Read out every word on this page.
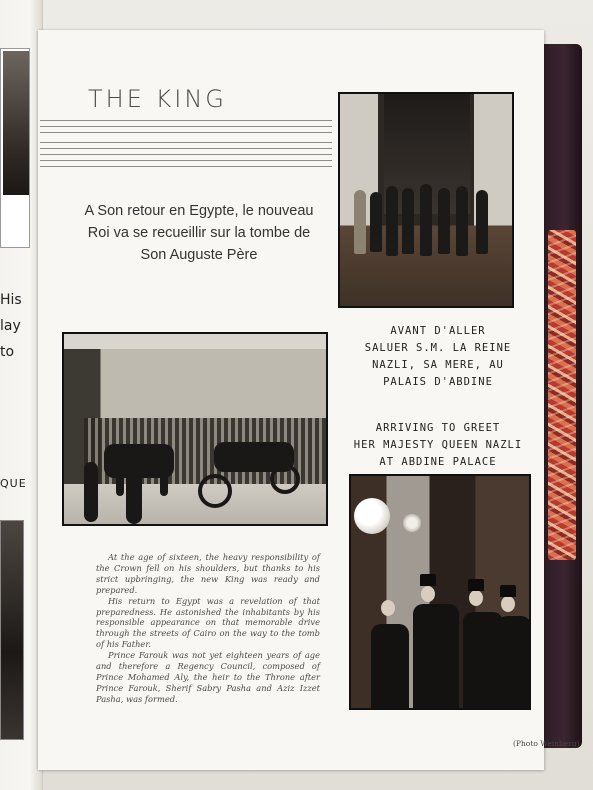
His
lay
to
QUE
THE KING
A Son retour en Egypte, le nouveau Roi va se recueillir sur la tombe de Son Auguste Père
AVANT D'ALLER
SALUER S.M. LA REINE
NAZLI, SA MERE, AU
PALAIS D'ABDINE
ARRIVING TO GREET
HER MAJESTY QUEEN NAZLI
AT ABDINE PALACE

At the age of sixteen, the heavy responsibility of the Crown fell on his shoulders, but thanks to his strict upbringing, the new King was ready and prepared.

His return to Egypt was a revelation of that preparedness. He astonished the inhabitants by his responsible appearance on that memorable drive through the streets of Cairo on the way to the tomb of his Father.

Prince Farouk was not yet eighteen years of age and therefore a Regency Council, composed of Prince Mohamed Aly, the heir to the Throne after Prince Farouk, Sherif Sabry Pasha and Aziz Izzet Pasha, was formed.

(Photo Weinberg)
